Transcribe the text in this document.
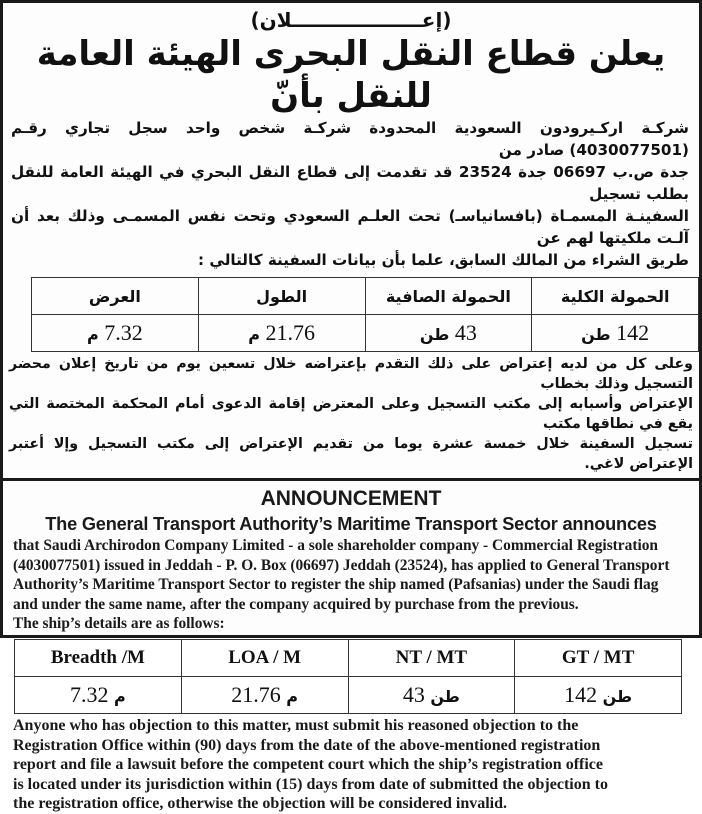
(إعـــــــــــــــــــلان)
يعلن قطاع النقل البحرى الهيئة العامة للنقل بأنّ

شركـة اركـيرودون السعودية المحدودة شركـة شخص واحد سجل تجاري رقـم (4030077501) صادر من

جدة ص.ب 06697 جدة 23524 قد تقدمت إلى قطاع النقل البحري في الهيئة العامة للنقل بطلب تسجيل

السفينـة المسمـاة (بافسانياسـ) تحت العلـم السعودي وتحت نفس المسمـى وذلك بعد أن آلـت ملكيتها لهم عن

طريق الشراء من المالك السابق، علما بأن بيانات السفينة كالتالي :

الحمولة الكلية	الحمولة الصافية	الطول	العرض
142 طن	43 طن	21.76 م	7.32 م
وعلى كل من لديه إعتراض على ذلك التقدم بإعتراضه خلال تسعين يوم من تاريخ إعلان محضر التسجيل وذلك بخطاب
الإعتراض وأسبابه إلى مكتب التسجيل وعلى المعترض إقامة الدعوى أمام المحكمة المختصة التي يقع في نطاقها مكتب
تسجيل السفينة خلال خمسة عشرة يوما من تقديم الإعتراض إلى مكتب التسجيل وإلا أعتبر الإعتراض لاغي.
ANNOUNCEMENT
The General Transport Authority’s Maritime Transport Sector announces

that Saudi Archirodon Company Limited - a sole shareholder company - Commercial Registration

(4030077501) issued in Jeddah - P. O. Box (06697) Jeddah (23524), has applied to General Transport

Authority’s Maritime Transport Sector to register the ship named (Pafsanias) under the Saudi flag

and under the same name, after the company acquired by purchase from the previous.

The ship’s details are as follows:

Breadth /M	LOA / M	NT / MT	GT / MT
م 7.32	م 21.76	طن 43	طن 142
Anyone who has objection to this matter, must submit his reasoned objection to the
Registration Office within (90) days from the date of the above-mentioned registration
report and file a lawsuit before the competent court which the ship’s registration office
is located under its jurisdiction within (15) days from date of submitted the objection to
the registration office, otherwise the objection will be considered invalid.
